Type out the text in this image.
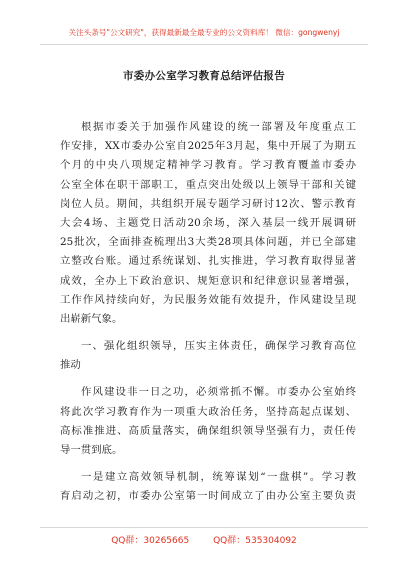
关注头条号"公文研究"，获得最新最全最专业的公文资料库！ 微信：gongwenyj
市委办公室学习教育总结评估报告
根据市委关于加强作风建设的统一部署及年度重点工
作安排，XX市委办公室自2025年3月起，集中开展了为期五
个月的中央八项规定精神学习教育。学习教育覆盖市委办
公室全体在职干部职工，重点突出处级以上领导干部和关键
岗位人员。期间，共组织开展专题学习研讨12次、警示教育
大会4场、主题党日活动20余场，深入基层一线开展调研
25批次，全面排查梳理出3大类28项具体问题，并已全部建
立整改台账。通过系统谋划、扎实推进，学习教育取得显著
成效，全办上下政治意识、规矩意识和纪律意识显著增强，
工作作风持续向好，为民服务效能有效提升，作风建设呈现
出崭新气象。
一、强化组织领导，压实主体责任，确保学习教育高位
推动
作风建设非一日之功，必须常抓不懈。市委办公室始终
将此次学习教育作为一项重大政治任务，坚持高起点谋划、
高标准推进、高质量落实，确保组织领导坚强有力，责任传
导一贯到底。
一是建立高效领导机制，统筹谋划“一盘棋”。学习教
育启动之初，市委办公室第一时间成立了由办公室主要负责
QQ群：30265665	QQ群：535304092
